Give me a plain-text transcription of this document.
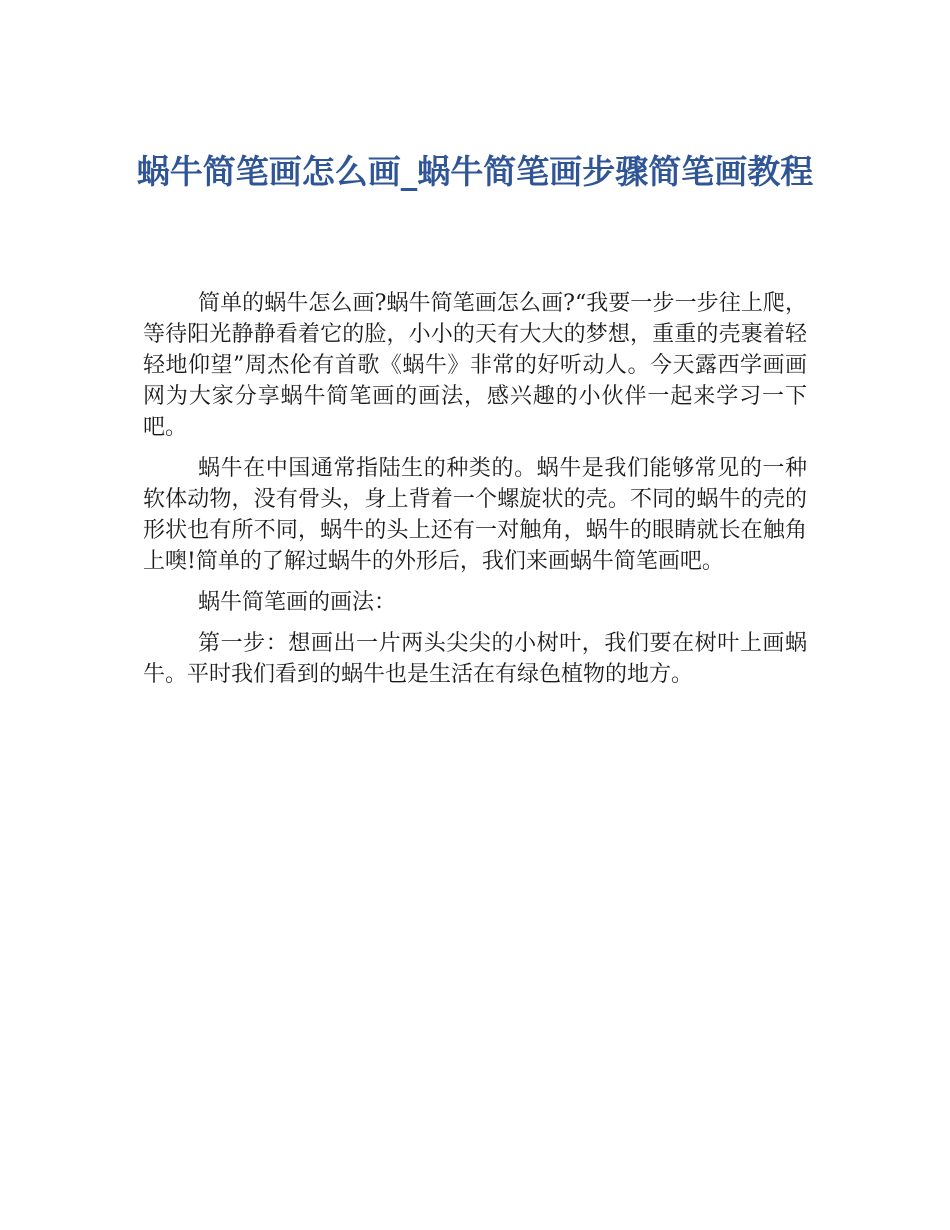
蜗牛简笔画怎么画_蜗牛简笔画步骤简笔画教程

简单的蜗牛怎么画?蜗牛简笔画怎么画?“我要一步一步往上爬，等待阳光静静看着它的脸，小小的天有大大的梦想，重重的壳裹着轻轻地仰望”周杰伦有首歌《蜗牛》非常的好听动人。今天露西学画画网为大家分享蜗牛简笔画的画法，感兴趣的小伙伴一起来学习一下吧。

蜗牛在中国通常指陆生的种类的。蜗牛是我们能够常见的一种软体动物，没有骨头，身上背着一个螺旋状的壳。不同的蜗牛的壳的形状也有所不同，蜗牛的头上还有一对触角，蜗牛的眼睛就长在触角上噢!简单的了解过蜗牛的外形后，我们来画蜗牛简笔画吧。

蜗牛简笔画的画法：

第一步：想画出一片两头尖尖的小树叶，我们要在树叶上画蜗牛。平时我们看到的蜗牛也是生活在有绿色植物的地方。
